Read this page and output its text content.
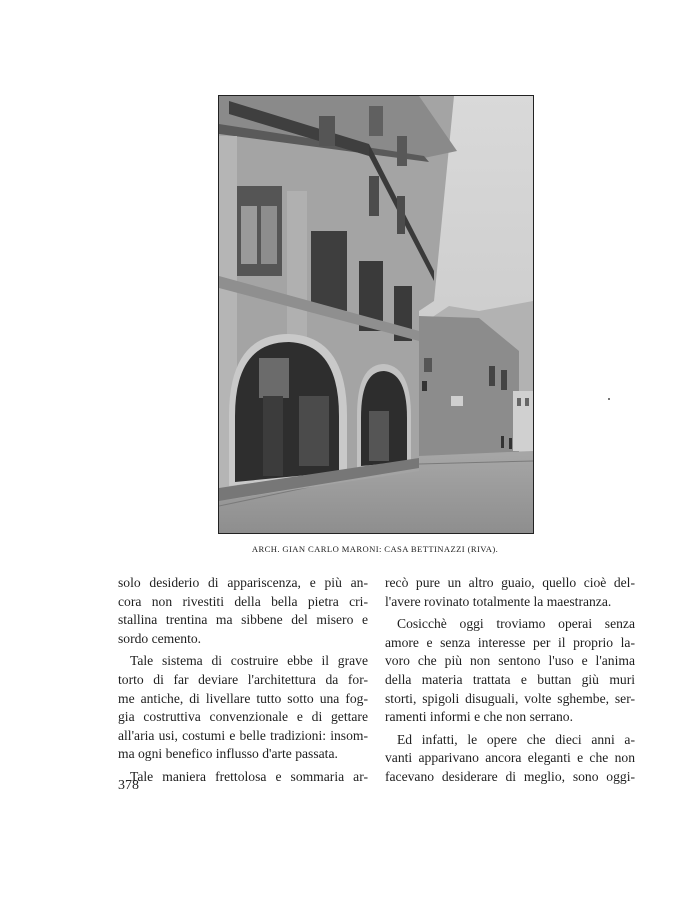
ARCH. GIAN CARLO MARONI: CASA BETTINAZZI (RIVA).

solo desiderio di appariscenza, e più an-
cora non rivestiti della bella pietra cri-
stallina trentina ma sibbene del misero e
sordo cemento.

Tale sistema di costruire ebbe il grave
torto di far deviare l'architettura da for-
me antiche, di livellare tutto sotto una fog-
gia costruttiva convenzionale e di gettare
all'aria usi, costumi e belle tradizioni: insom-
ma ogni benefico influsso d'arte passata.

Tale maniera frettolosa e sommaria ar-

recò pure un altro guaio, quello cioè del-
l'avere rovinato totalmente la maestranza.

Cosicchè oggi troviamo operai senza
amore e senza interesse per il proprio la-
voro che più non sentono l'uso e l'anima
della materia trattata e buttan giù muri
storti, spigoli disuguali, volte sghembe, ser-
ramenti informi e che non serrano.

Ed infatti, le opere che dieci anni a-
vanti apparivano ancora eleganti e che non
facevano desiderare di meglio, sono oggi-

378
